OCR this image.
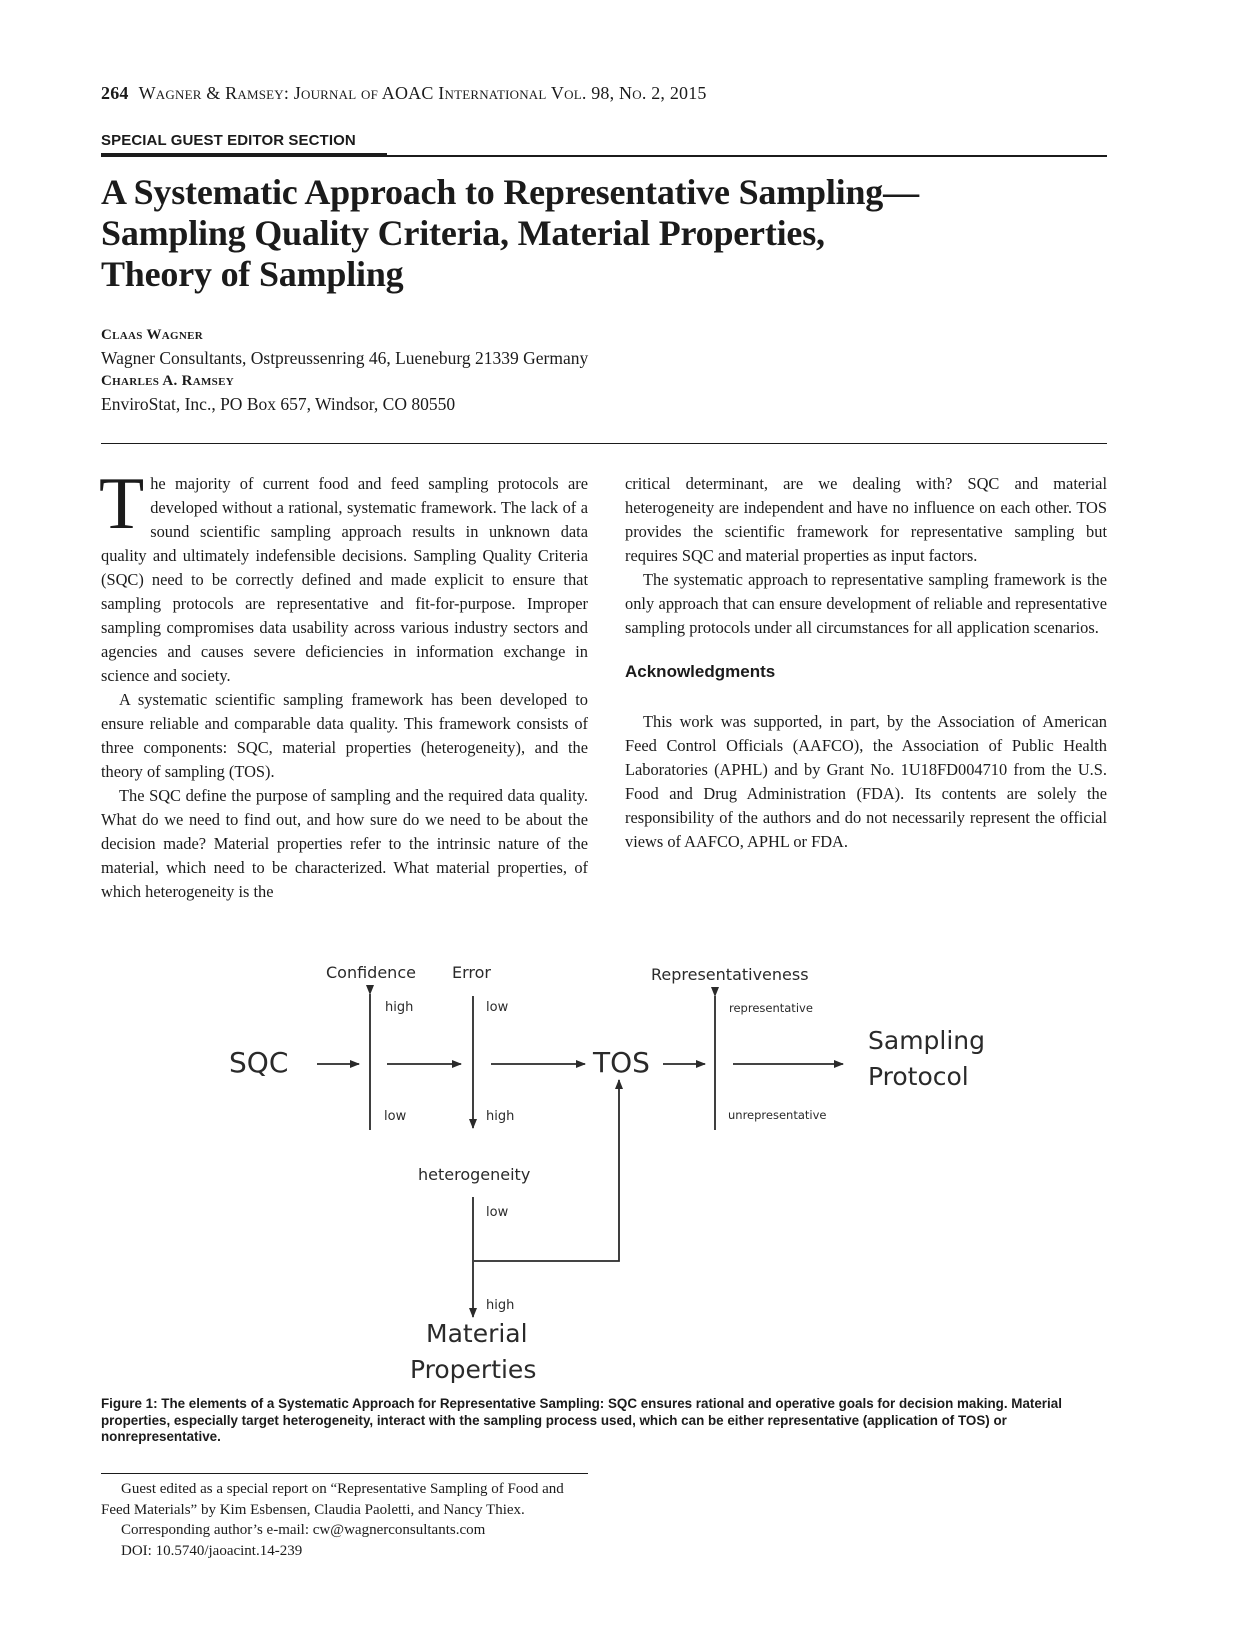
264 Wagner & Ramsey: Journal of AOAC International Vol. 98, No. 2, 2015
SPECIAL GUEST EDITOR SECTION
A Systematic Approach to Representative Sampling—
Sampling Quality Criteria, Material Properties,
Theory of Sampling
Claas Wagner
Wagner Consultants, Ostpreussenring 46, Lueneburg 21339 Germany
Charles A. Ramsey
EnviroStat, Inc., PO Box 657, Windsor, CO 80550

The majority of current food and feed sampling protocols are developed without a rational, systematic framework. The lack of a sound scientific sampling approach results in unknown data quality and ultimately indefensible decisions. Sampling Quality Criteria (SQC) need to be correctly defined and made explicit to ensure that sampling protocols are representative and fit-for-purpose. Improper sampling compromises data usability across various industry sectors and agencies and causes severe deficiencies in information exchange in science and society.

A systematic scientific sampling framework has been developed to ensure reliable and comparable data quality. This framework consists of three components: SQC, material properties (heterogeneity), and the theory of sampling (TOS).

The SQC define the purpose of sampling and the required data quality. What do we need to find out, and how sure do we need to be about the decision made? Material properties refer to the intrinsic nature of the material, which need to be characterized. What material properties, of which heterogeneity is the

critical determinant, are we dealing with? SQC and material heterogeneity are independent and have no influence on each other. TOS provides the scientific framework for representative sampling but requires SQC and material properties as input factors.

The systematic approach to representative sampling framework is the only approach that can ensure development of reliable and representative sampling protocols under all circumstances for all application scenarios.

Acknowledgments

This work was supported, in part, by the Association of American Feed Control Officials (AAFCO), the Association of Public Health Laboratories (APHL) and by Grant No. 1U18FD004710 from the U.S. Food and Drug Administration (FDA). Its contents are solely the responsibility of the authors and do not necessarily represent the official views of AAFCO, APHL or FDA.

SQC	TOS
Confidence Error	Representativeness
high
low
low
high
representative
unrepresentative
Sampling
Protocol
heterogeneity
low
high
Material
Properties
Figure 1: The elements of a Systematic Approach for Representative Sampling: SQC ensures rational and operative goals for decision making. Material properties, especially target heterogeneity, interact with the sampling process used, which can be either representative (application of TOS) or nonrepresentative.

Guest edited as a special report on “Representative Sampling of Food and Feed Materials” by Kim Esbensen, Claudia Paoletti, and Nancy Thiex.

Corresponding author’s e-mail: cw@wagnerconsultants.com

DOI: 10.5740/jaoacint.14-239
